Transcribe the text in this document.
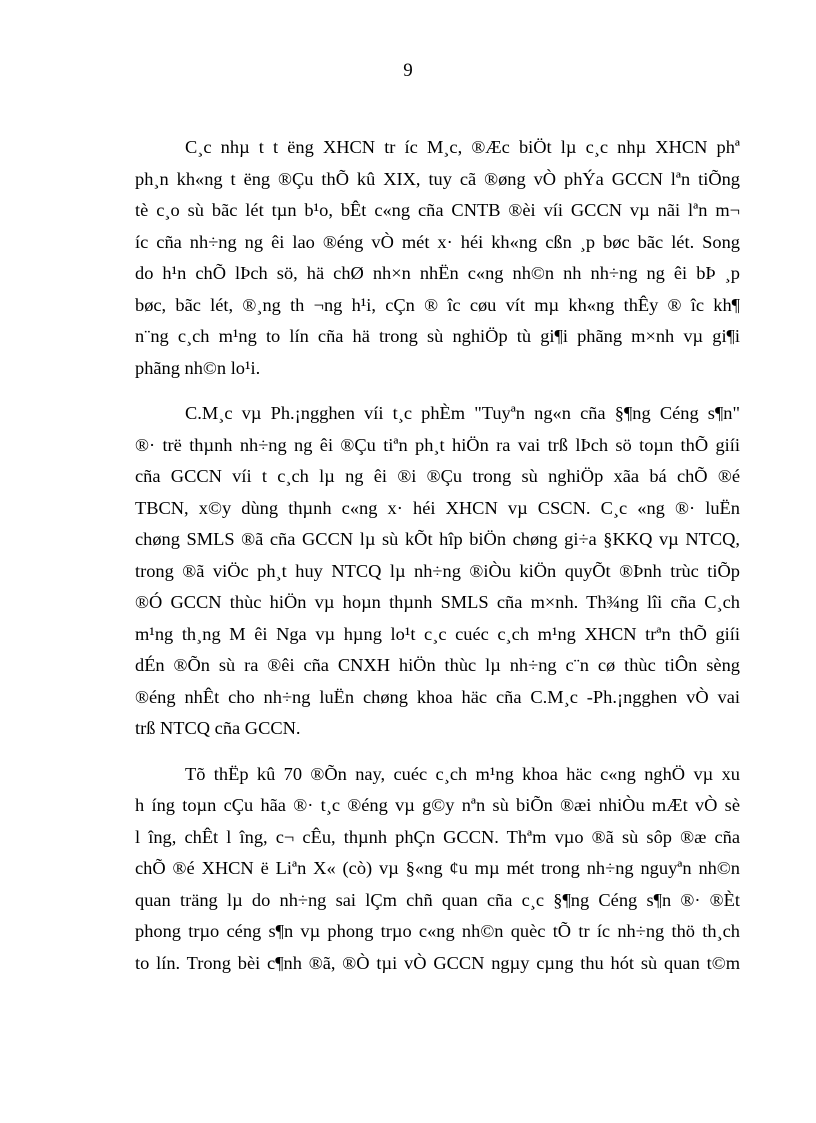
9
C¸c nhµ t t ëng XHCN tr íc M¸c, ®Æc biÖt lµ c¸c nhµ XHCN phª
ph¸n kh«ng t ëng ®Çu thÕ kû XIX, tuy cã ®øng vÒ phÝa GCCN lªn tiÕng
tè c¸o sù bãc lét tµn b¹o, bÊt c«ng cña CNTB ®èi víi GCCN vµ nãi lªn m¬
íc cña nh÷ng ng êi lao ®éng vÒ mét x· héi kh«ng cßn ¸p bøc bãc lét. Song
do h¹n chÕ lÞch sö, hä chØ nh×n nhËn c«ng nh©n nh nh÷ng ng êi bÞ ¸p
bøc, bãc lét, ®¸ng th ¬ng h¹i, cÇn ® îc cøu vít mµ kh«ng thÊy ® îc kh¶
n¨ng c¸ch m¹ng to lín cña hä trong sù nghiÖp tù gi¶i phãng m×nh vµ gi¶i
phãng nh©n lo¹i.
C.M¸c vµ Ph.¡ngghen víi t¸c phÈm "Tuyªn ng«n cña §¶ng Céng s¶n"
®· trë thµnh nh÷ng ng êi ®Çu tiªn ph¸t hiÖn ra vai trß lÞch sö toµn thÕ giíi
cña GCCN víi t c¸ch lµ ng êi ®i ®Çu trong sù nghiÖp xãa bá chÕ ®é
TBCN, x©y dùng thµnh c«ng x· héi XHCN vµ CSCN. C¸c «ng ®· luËn
chøng SMLS ®ã cña GCCN lµ sù kÕt hîp biÖn chøng gi÷a §KKQ vµ NTCQ,
trong ®ã viÖc ph¸t huy NTCQ lµ nh÷ng ®iÒu kiÖn quyÕt ®Þnh trùc tiÕp
®Ó GCCN thùc hiÖn vµ hoµn thµnh SMLS cña m×nh. Th¾ng lîi cña C¸ch
m¹ng th¸ng M êi Nga vµ hµng lo¹t c¸c cuéc c¸ch m¹ng XHCN trªn thÕ giíi
dÉn ®Õn sù ra ®êi cña CNXH hiÖn thùc lµ nh÷ng c¨n cø thùc tiÔn sèng
®éng nhÊt cho nh÷ng luËn chøng khoa häc cña C.M¸c -Ph.¡ngghen vÒ vai
trß NTCQ cña GCCN.
Tõ thËp kû 70 ®Õn nay, cuéc c¸ch m¹ng khoa häc c«ng nghÖ vµ xu
h íng toµn cÇu hãa ®· t¸c ®éng vµ g©y nªn sù biÕn ®æi nhiÒu mÆt vÒ sè
l îng, chÊt l îng, c¬ cÊu, thµnh phÇn GCCN. Thªm vµo ®ã sù sôp ®æ cña
chÕ ®é XHCN ë Liªn X« (cò) vµ §«ng ¢u mµ mét trong nh÷ng nguyªn nh©n
quan träng lµ do nh÷ng sai lÇm chñ quan cña c¸c §¶ng Céng s¶n ®· ®Èt
phong trµo céng s¶n vµ phong trµo c«ng nh©n quèc tÕ tr íc nh÷ng thö th¸ch
to lín. Trong bèi c¶nh ®ã, ®Ò tµi vÒ GCCN ngµy cµng thu hót sù quan t©m
